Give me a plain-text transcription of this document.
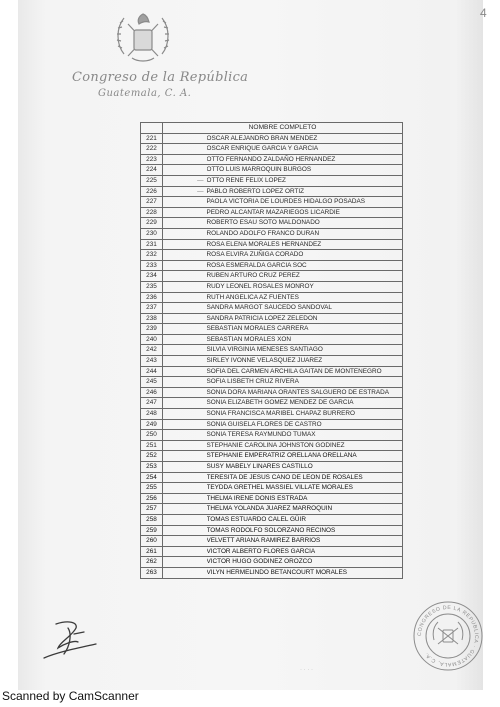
4
Congreso de la República
Guatemala, C. A.
	NOMBRE COMPLETO	
221		OSCAR ALEJANDRO BRAN MENDEZ
222		OSCAR ENRIQUE GARCIA Y GARCIA
223		OTTO FERNANDO ZALDAÑO HERNANDEZ
224		OTTO LUIS MARROQUIN BURGOS
225	—	OTTO RENE FELIX LOPEZ
226	—	PABLO ROBERTO LOPEZ ORTIZ
227		PAOLA VICTORIA DE LOURDES HIDALGO POSADAS
228		PEDRO ALCANTAR MAZARIEGOS LICARDIE
229		ROBERTO ESAU SOTO MALDONADO
230		ROLANDO ADOLFO FRANCO DURAN
231		ROSA ELENA MORALES HERNANDEZ
232		ROSA ELVIRA ZUÑIGA CORADO
233		ROSA ESMERALDA GARCIA SOC
234		RUBEN ARTURO CRUZ PEREZ
235		RUDY LEONEL ROSALES MONROY
236		RUTH ANGELICA AZ FUENTES
237		SANDRA MARGOT SAUCEDO SANDOVAL
238		SANDRA PATRICIA LOPEZ ZELEDON
239		SEBASTIAN MORALES CARRERA
240		SEBASTIAN MORALES XON
242		SILVIA VIRGINIA MENESES SANTIAGO
243		SIRLEY IVONNE VELASQUEZ JUAREZ
244		SOFIA DEL CARMEN ARCHILA GAITAN DE MONTENEGRO
245		SOFIA LISBETH CRUZ RIVERA
246		SONIA DORA MARIANA ORANTES SALGUERO DE ESTRADA
247		SONIA ELIZABETH GOMEZ MENDEZ DE GARCIA
248		SONIA FRANCISCA MARIBEL CHAPAZ BURRERO
249		SONIA GUISELA FLORES DE CASTRO
250		SONIA TERESA RAYMUNDO TUMAX
251		STEPHANIE CAROLINA JOHNSTON GODINEZ
252		STEPHANIE EMPERATRIZ ORELLANA ORELLANA
253		SUSY MABELY LINARES CASTILLO
254		TERESITA DE JESUS CANO DE LEON DE ROSALES
255		TEYDDA GRETHEL MASSIEL VILLATE MORALES
256		THELMA IRENE DONIS ESTRADA
257		THELMA YOLANDA JUAREZ MARROQUIN
258		TOMAS ESTUARDO CALEL GÜIR
259		TOMAS RODOLFO SOLORZANO RECINOS
260		VELVETT ARIANA RAMIREZ BARRIOS
261		VICTOR ALBERTO FLORES GARCIA
262		VICTOR HUGO GODINEZ OROZCO
263		VILYN HERMELINDO BETANCOURT MORALES
CONGRESO DE LA REPUBLICA · GUATEMALA, C.A.
· · · ·
Scanned by CamScanner
